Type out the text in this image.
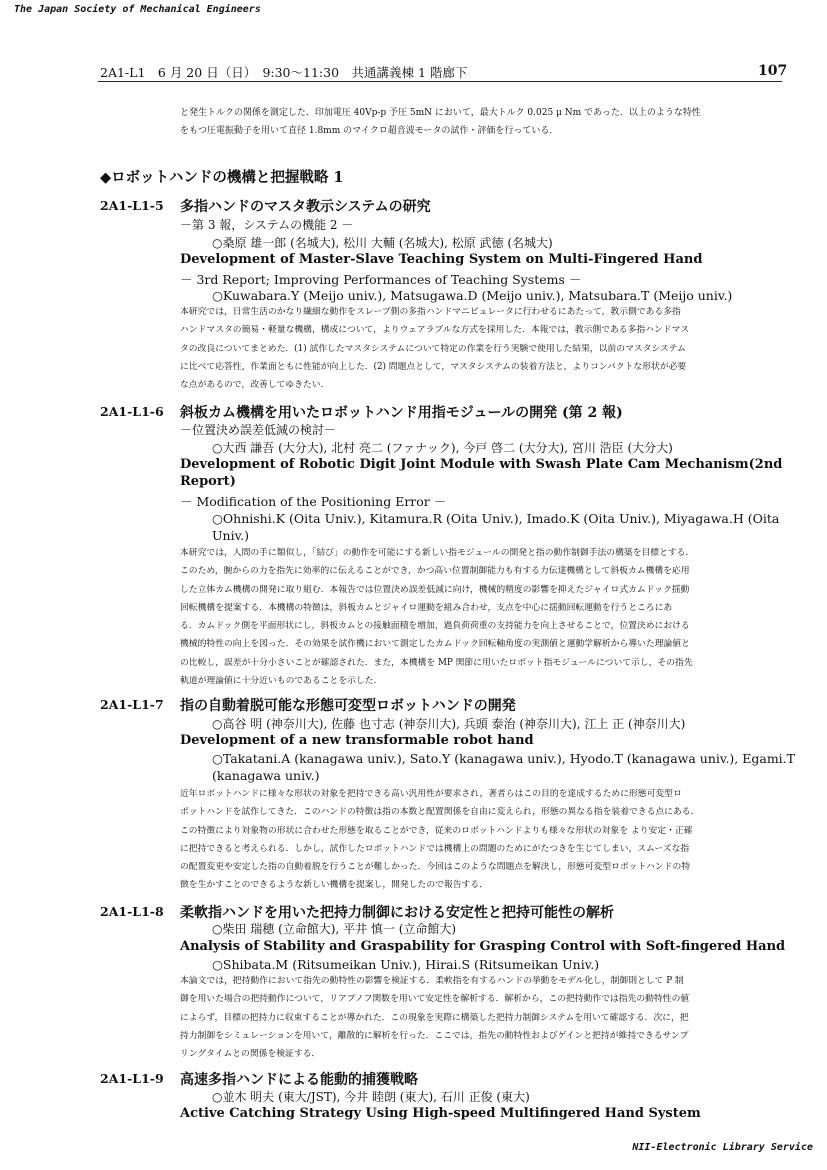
The Japan Society of Mechanical Engineers
2A1-L1　6 月 20 日（日）　9:30～11:30　共通講義棟 1 階廊下	107
と発生トルクの関係を測定した．印加電圧 40Vp-p 予圧 5mN において，最大トルク 0.025 μ Nm であった．以上のような特性
をもつ圧電振動子を用いて直径 1.8mm のマイクロ超音波モータの試作・評価を行っている．
◆ロボットハンドの機構と把握戦略 1
2A1-L1-5 多指ハンドのマスタ教示システムの研究
－第 3 報，システムの機能 2 －
○桑原 雄一郎 (名城大), 松川 大輔 (名城大), 松原 武徳 (名城大)
Development of Master-Slave Teaching System on Multi-Fingered Hand
－ 3rd Report; Improving Performances of Teaching Systems －
○Kuwabara.Y (Meijo univ.), Matsugawa.D (Meijo univ.), Matsubara.T (Meijo univ.)
本研究では，日常生活のかなり繊細な動作をスレーブ側の多指ハンドマニピュレータに行わせるにあたって，教示側である多指
ハンドマスタの簡易・軽量な機構，構成について，よりウェアラブルな方式を採用した．本報では，教示側である多指ハンドマス
タの改良についてまとめた．(1) 試作したマスタシステムについて特定の作業を行う実験で使用した結果，以前のマスタシステム
に比べて応答性，作業面ともに性能が向上した．(2) 問題点として，マスタシステムの装着方法と，よりコンパクトな形状が必要
な点があるので，改善してゆきたい．
2A1-L1-6 斜板カム機構を用いたロボットハンド用指モジュールの開発 (第 2 報)
－位置決め誤差低減の検討－
○大西 謙吾 (大分大), 北村 亮二 (ファナック), 今戸 啓二 (大分大), 宮川 浩臣 (大分大)
Development of Robotic Digit Joint Module with Swash Plate Cam Mechanism(2nd
Report)
－ Modification of the Positioning Error －
○Ohnishi.K (Oita Univ.), Kitamura.R (Oita Univ.), Imado.K (Oita Univ.), Miyagawa.H (Oita
Univ.)
本研究では，人間の手に類似し，「結び」の動作を可能にする新しい指モジュールの開発と指の動作制御手法の構築を目標とする．
このため，腕からの力を指先に効率的に伝えることができ，かつ高い位置制御能力も有する力伝達機構として斜板カム機構を応用
した立体カム機構の開発に取り組む．本報告では位置決め誤差低減に向け，機械的精度の影響を抑えたジャイロ式カムドック揺動
回転機構を提案する．本機構の特徴は，斜板カムとジャイロ運動を組み合わせ，支点を中心に揺動回転運動を行うところにあ
る．カムドック側を平面形状にし，斜板カムとの接触面積を増加，過負荷荷重の支持能力を向上させることで，位置決めにおける
機械的特性の向上を図った．その効果を試作機において測定したカムドック回転軸角度の実測値と運動学解析から導いた理論値と
の比較し，誤差が十分小さいことが確認された．また，本機構を MP 関節に用いたロボット指モジュールについて示し，その指先
軌道が理論値に十分近いものであることを示した．
2A1-L1-7 指の自動着脱可能な形態可変型ロボットハンドの開発
○高谷 明 (神奈川大), 佐藤 也寸志 (神奈川大), 兵頭 泰治 (神奈川大), 江上 正 (神奈川大)
Development of a new transformable robot hand
○Takatani.A (kanagawa univ.), Sato.Y (kanagawa univ.), Hyodo.T (kanagawa univ.), Egami.T
(kanagawa univ.)
近年ロボットハンドに様々な形状の対象を把持できる高い汎用性が要求され，著者らはこの目的を達成するために形態可変型ロ
ボットハンドを試作してきた．このハンドの特徴は指の本数と配置関係を自由に変えられ，形態の異なる指を装着できる点にある．
この特徴により対象物の形状に合わせた形態を取ることができ，従来のロボットハンドよりも様々な形状の対象を より安定・正確
に把持できると考えられる．しかし，試作したロボットハンドでは機構上の問題のためにがたつきを生じてしまい，スムーズな指
の配置変更や安定した指の自動着脱を行うことが難しかった．今回はこのような問題点を解決し，形態可変型ロボットハンドの特
徴を生かすことのできるような新しい機構を提案し，開発したので報告する．
2A1-L1-8 柔軟指ハンドを用いた把持力制御における安定性と把持可能性の解析
○柴田 瑞穂 (立命館大), 平井 慎一 (立命館大)
Analysis of Stability and Graspability for Grasping Control with Soft-fingered Hand
○Shibata.M (Ritsumeikan Univ.), Hirai.S (Ritsumeikan Univ.)
本論文では，把持動作において指先の動特性の影響を検証する．柔軟指を有するハンドの挙動をモデル化し，制御則として P 制
御を用いた場合の把持動作について，リアプノフ関数を用いて安定性を解析する．解析から，この把持動作では指先の動特性の値
によらず，目標の把持力に収束することが導かれた．この現象を実際に構築した把持力制御システムを用いて確認する．次に，把
持力制御をシミュレーションを用いて，離散的に解析を行った．ここでは，指先の動特性およびゲインと把持が維持できるサンプ
リングタイムとの関係を検証する．
2A1-L1-9 高速多指ハンドによる能動的捕獲戦略
○並木 明夫 (東大/JST), 今井 睦朗 (東大), 石川 正俊 (東大)
Active Catching Strategy Using High-speed Multifingered Hand System
NII-Electronic Library Service
